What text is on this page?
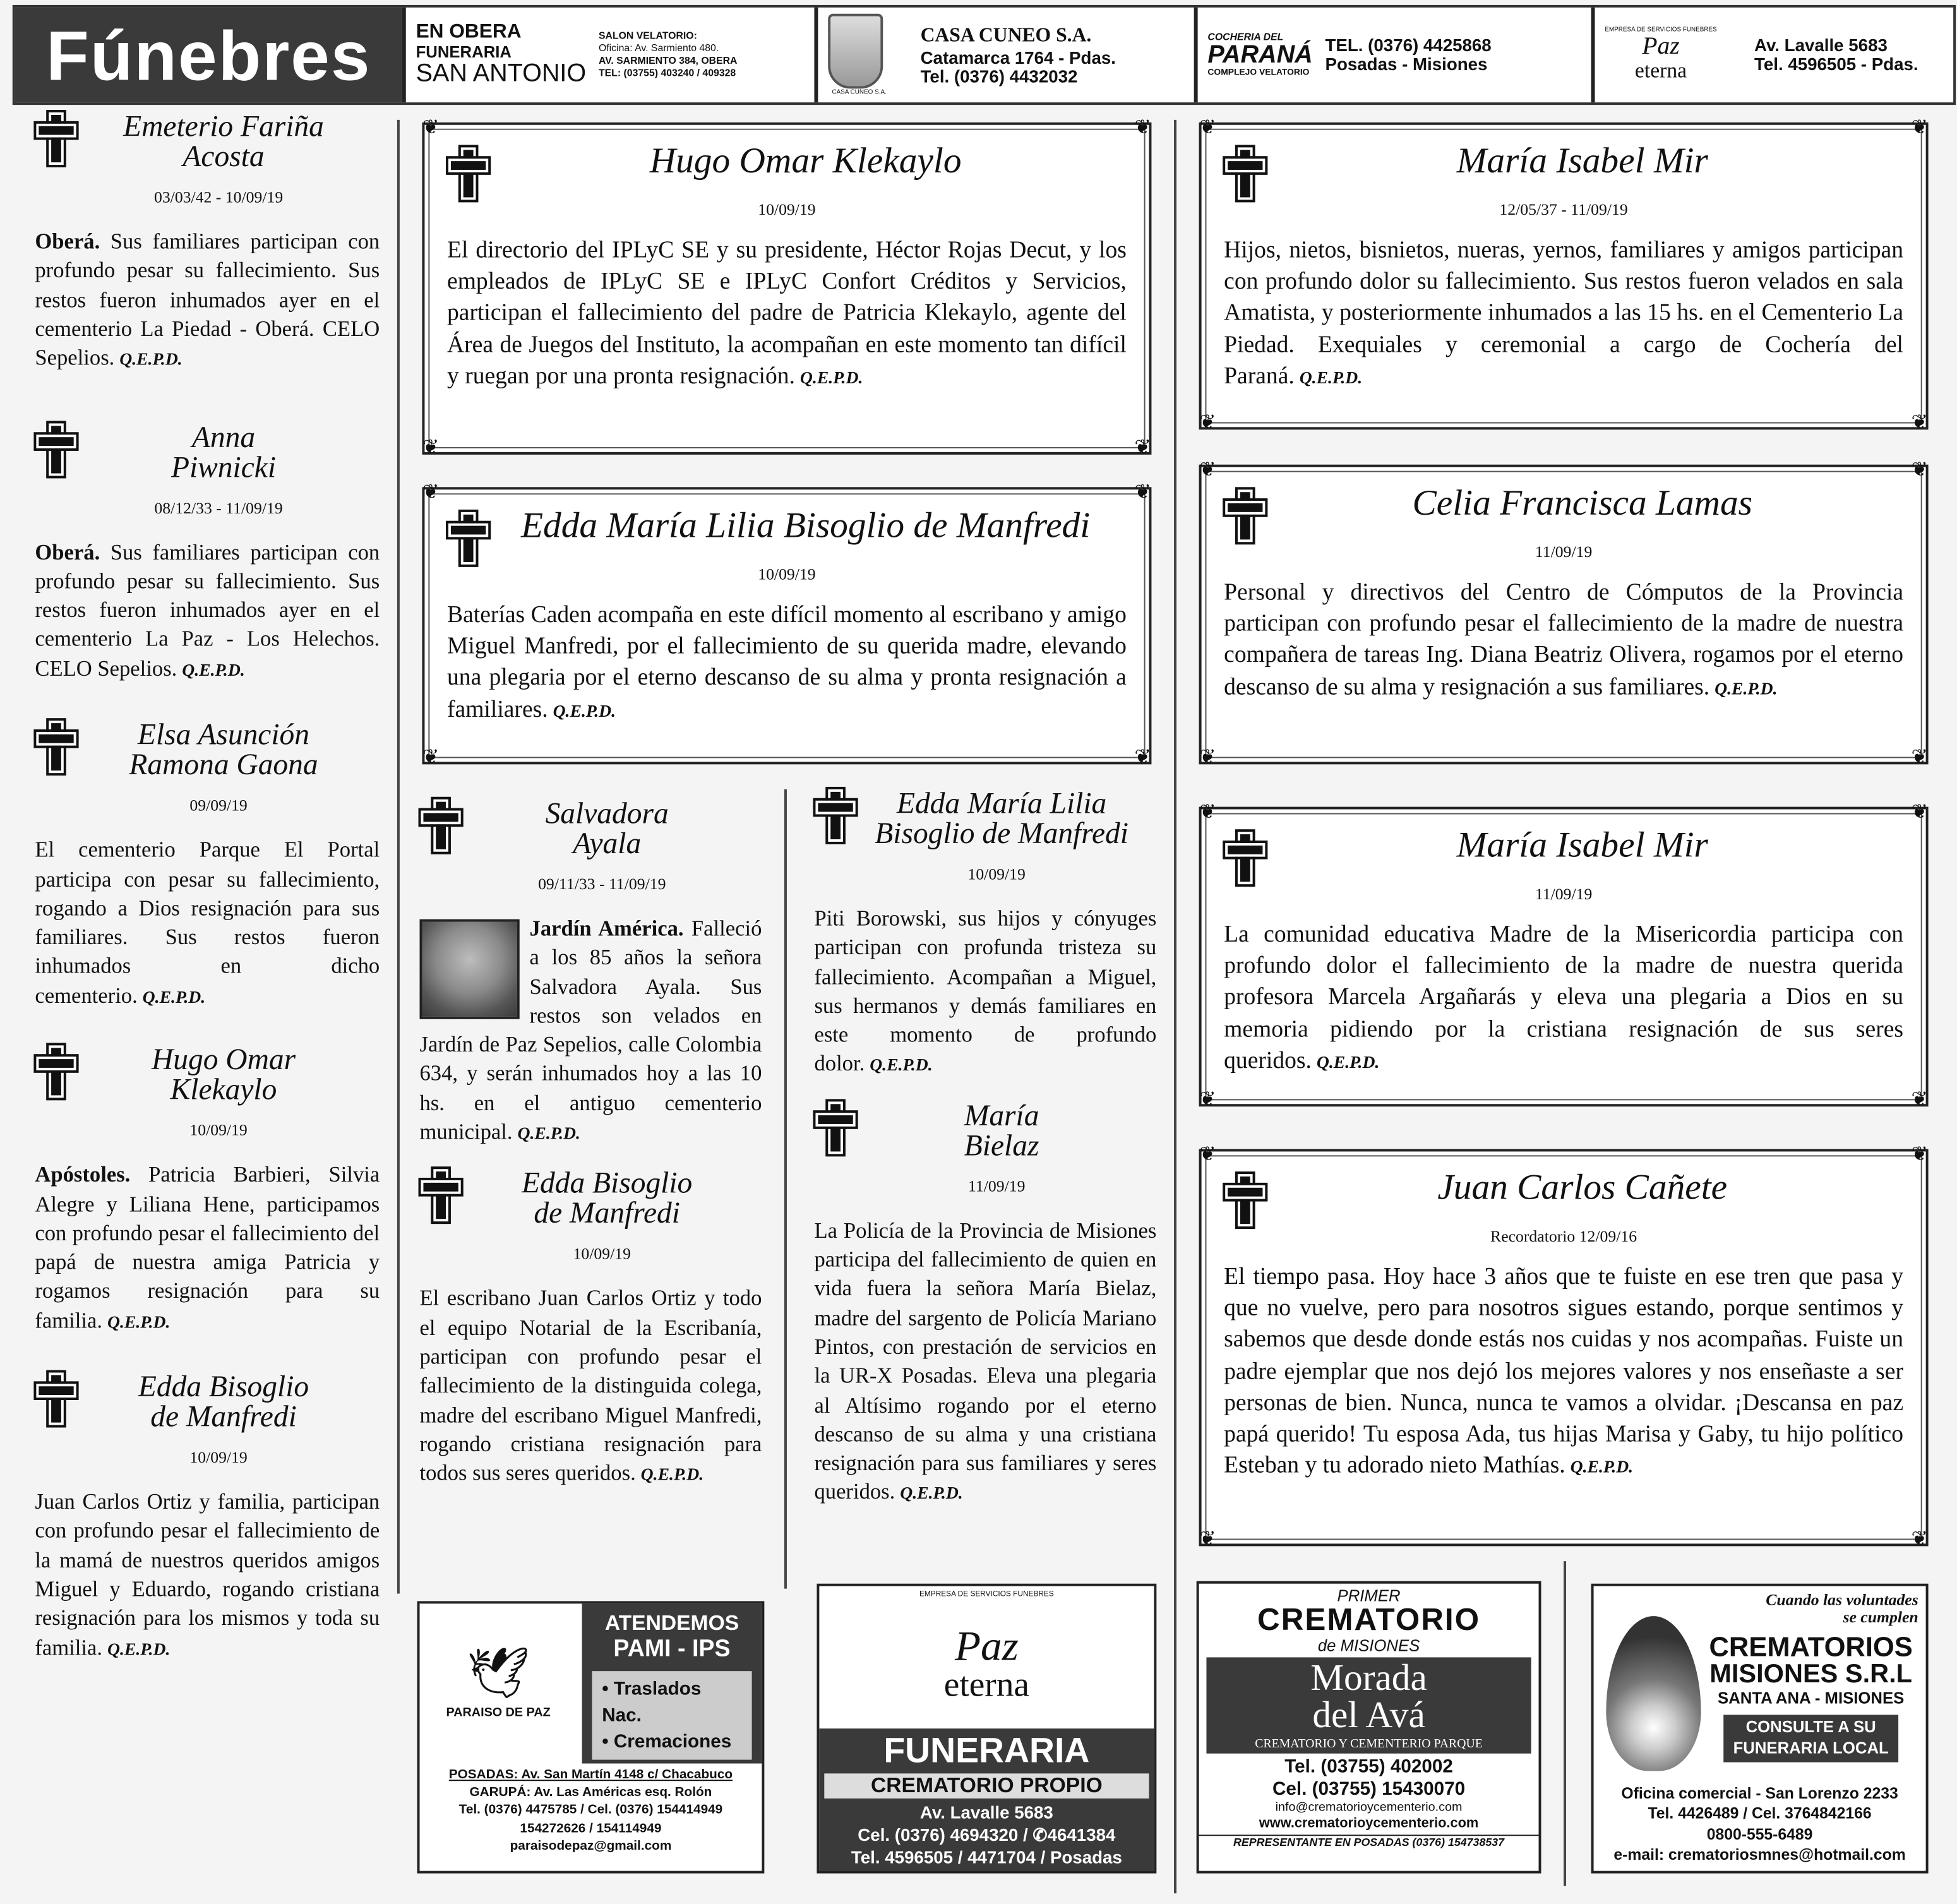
Fúnebres	EN OBERA
FUNERARIA
SAN ANTONIO
SALON VELATORIO:
Oficina: Av. Sarmiento 480.
AV. SARMIENTO 384, OBERA
TEL: (03755) 403240 / 409328
CASA CUNEO S.A.
CASA CUNEO S.A.
Catamarca 1764 - Pdas.
Tel. (0376) 4432032
COCHERIA DEL
PARANÁ
COMPLEJO VELATORIO
TEL. (0376) 4425868
Posadas - Misiones
EMPRESA DE SERVICIOS FUNEBRES
Paz
eterna
Av. Lavalle 5683
Tel. 4596505 - Pdas.
Emeterio Fariña
Acosta
03/03/42 - 10/09/19
Oberá. Sus familiares participan con profundo pesar su fallecimiento. Sus restos fueron inhumados ayer en el cementerio La Piedad - Oberá. CELO Sepelios. Q.E.P.D.
Anna
Piwnicki
08/12/33 - 11/09/19
Oberá. Sus familiares participan con profundo pesar su fallecimiento. Sus restos fueron inhumados ayer en el cementerio La Paz - Los Helechos. CELO Sepelios. Q.E.P.D.
Elsa Asunción
Ramona Gaona
09/09/19
El cementerio Parque El Portal participa con pesar su fallecimiento, rogando a Dios resignación para sus familiares. Sus restos fueron inhumados en dicho cementerio. Q.E.P.D.
Hugo Omar
Klekaylo
10/09/19
Apóstoles. Patricia Barbieri, Silvia Alegre y Liliana Hene, participamos con profundo pesar el fallecimiento del papá de nuestra amiga Patricia y rogamos resignación para su familia. Q.E.P.D.
Edda Bisoglio
de Manfredi
10/09/19
Juan Carlos Ortiz y familia, participan con profundo pesar el fallecimiento de la mamá de nuestros queridos amigos Miguel y Eduardo, rogando cristiana resignación para los mismos y toda su familia. Q.E.P.D.
❦	❦
❦	❦
Hugo Omar Klekaylo
10/09/19
El directorio del IPLyC SE y su presidente, Héctor Rojas Decut, y los empleados de IPLyC SE e IPLyC Confort Créditos y Servicios, participan el fallecimiento del padre de Patricia Klekaylo, agente del Área de Juegos del Instituto, la acompañan en este momento tan difícil y ruegan por una pronta resignación. Q.E.P.D.
❦	❦
❦	❦
Edda María Lilia Bisoglio de Manfredi
10/09/19
Baterías Caden acompaña en este difícil momento al escribano y amigo Miguel Manfredi, por el fallecimiento de su querida madre, elevando una plegaria por el eterno descanso de su alma y pronta resignación a familiares. Q.E.P.D.
Salvadora
Ayala
09/11/33 - 11/09/19
Jardín América. Falleció a los 85 años la señora Salvadora Ayala. Sus restos son velados en Jardín de Paz Sepelios, calle Colombia 634, y serán inhumados hoy a las 10 hs. en el antiguo cementerio municipal. Q.E.P.D.
Edda Bisoglio
de Manfredi
10/09/19
El escribano Juan Carlos Ortiz y todo el equipo Notarial de la Escribanía, participan con profundo pesar el fallecimiento de la distinguida colega, madre del escribano Miguel Manfredi, rogando cristiana resignación para todos sus seres queridos. Q.E.P.D.
Edda María Lilia
Bisoglio de Manfredi
10/09/19
Piti Borowski, sus hijos y cónyuges participan con profunda tristeza su fallecimiento. Acompañan a Miguel, sus hermanos y demás familiares en este momento de profundo dolor. Q.E.P.D.
María
Bielaz
11/09/19
La Policía de la Provincia de Misiones participa del fallecimiento de quien en vida fuera la señora María Bielaz, madre del sargento de Policía Mariano Pintos, con prestación de servicios en la UR-X Posadas. Eleva una plegaria al Altísimo rogando por el eterno descanso de su alma y una cristiana resignación para sus familiares y seres queridos. Q.E.P.D.
❦	❦
❦	❦
María Isabel Mir
12/05/37 - 11/09/19
Hijos, nietos, bisnietos, nueras, yernos, familiares y amigos participan con profundo dolor su fallecimiento. Sus restos fueron velados en sala Amatista, y posteriormente inhumados a las 15 hs. en el Cementerio La Piedad. Exequiales y ceremonial a cargo de Cochería del Paraná. Q.E.P.D.
❦	❦
❦	❦
Celia Francisca Lamas
11/09/19
Personal y directivos del Centro de Cómputos de la Provincia participan con profundo pesar el fallecimiento de la madre de nuestra compañera de tareas Ing. Diana Beatriz Olivera, rogamos por el eterno descanso de su alma y resignación a sus familiares. Q.E.P.D.
❦	❦
❦	❦
María Isabel Mir
11/09/19
La comunidad educativa Madre de la Misericordia participa con profundo dolor el fallecimiento de la madre de nuestra querida profesora Marcela Argañarás y eleva una plegaria a Dios en su memoria pidiendo por la cristiana resignación de sus seres queridos. Q.E.P.D.
❦	❦
❦	❦
Juan Carlos Cañete
Recordatorio 12/09/16
El tiempo pasa. Hoy hace 3 años que te fuiste en ese tren que pasa y que no vuelve, pero para nosotros sigues estando, porque sentimos y sabemos que desde donde estás nos cuidas y nos acompañas. Fuiste un padre ejemplar que nos dejó los mejores valores y nos enseñaste a ser personas de bien. Nunca, nunca te vamos a olvidar. ¡Descansa en paz papá querido! Tu esposa Ada, tus hijas Marisa y Gaby, tu hijo político Esteban y tu adorado nieto Mathías. Q.E.P.D.
🕊
PARAISO DE PAZ
ATENDEMOS
PAMI - IPS
• Traslados Nac.
• Cremaciones
POSADAS: Av. San Martín 4148 c/ Chacabuco
GARUPÁ: Av. Las Américas esq. Rolón
Tel. (0376) 4475785 / Cel. (0376) 154414949
154272626 / 154114949
paraisodepaz@gmail.com
EMPRESA DE SERVICIOS FUNEBRES
Paz
eterna
FUNERARIA
CREMATORIO PROPIO
Av. Lavalle 5683
Cel. (0376) 4694320 / ✆4641384
Tel. 4596505 / 4471704 / Posadas
PRIMER
CREMATORIO
de MISIONES
Morada
del Avá
CREMATORIO Y CEMENTERIO PARQUE
Tel. (03755) 402002
Cel. (03755) 15430070
info@crematorioycementerio.com
www.crematorioycementerio.com
REPRESENTANTE EN POSADAS (0376) 154738537
Cuando las voluntades
se cumplen
CREMATORIOS
MISIONES S.R.L
SANTA ANA - MISIONES
CONSULTE A SU
FUNERARIA LOCAL
Oficina comercial - San Lorenzo 2233
Tel. 4426489 / Cel. 3764842166
0800-555-6489
e-mail: crematoriosmnes@hotmail.com
